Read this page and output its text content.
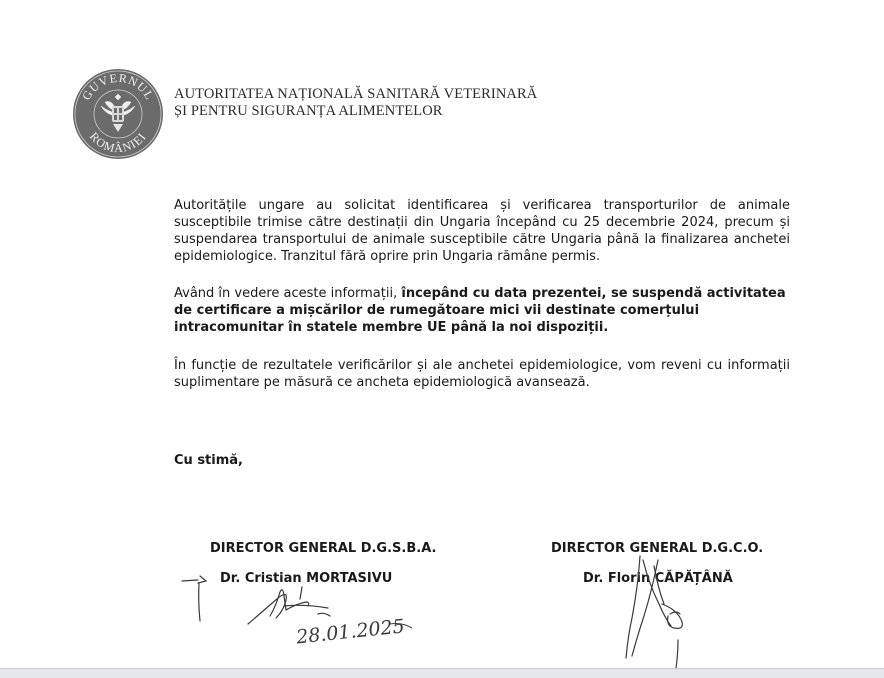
GUVERNUL
ROMÂNIEI
AUTORITATEA NAȚIONALĂ SANITARĂ VETERINARĂ
ȘI PENTRU SIGURANȚA ALIMENTELOR
Autoritățile ungare au solicitat identificarea și verificarea transporturilor de animale susceptibile trimise către destinații din Ungaria începând cu 25 decembrie 2024, precum și suspendarea transportului de animale susceptibile către Ungaria până la finalizarea anchetei epidemiologice. Tranzitul fără oprire prin Ungaria rămâne permis.
Având în vedere aceste informații, începând cu data prezentei, se suspendă activitatea de certificare a mișcărilor de rumegătoare mici vii destinate comerțului intracomunitar în statele membre UE până la noi dispoziții.
În funcție de rezultatele verificărilor și ale anchetei epidemiologice, vom reveni cu informații suplimentare pe măsură ce ancheta epidemiologică avansează.
Cu stimă,
DIRECTOR GENERAL D.G.S.B.A.
Dr. Cristian MORTASIVU
DIRECTOR GENERAL D.G.C.O.
Dr. Florin CĂPĂȚÂNĂ
28.01.2025
